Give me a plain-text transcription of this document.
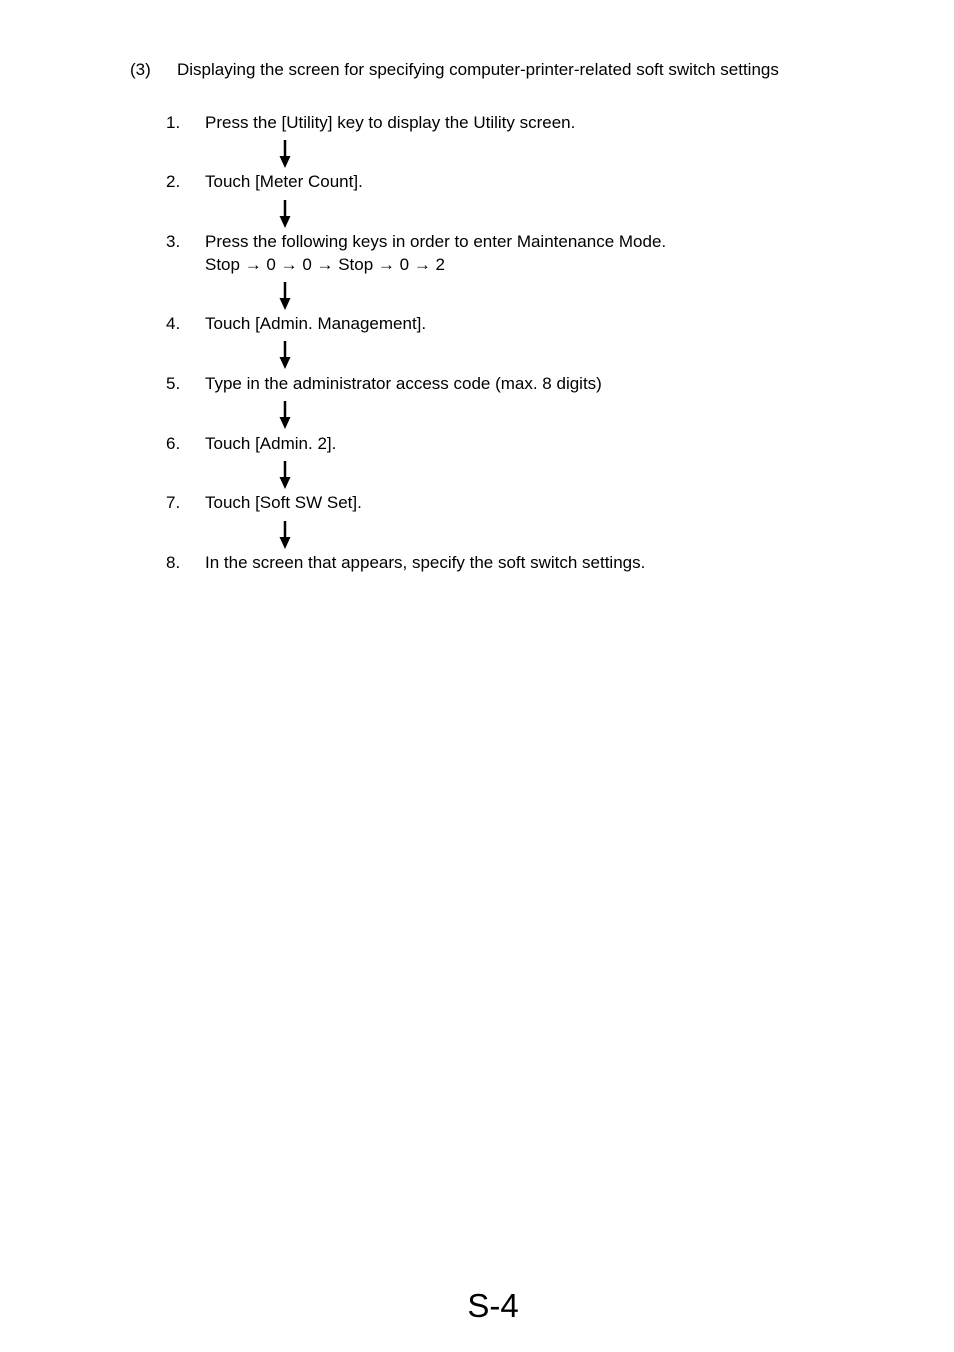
(3) Displaying the screen for specifying computer-printer-related soft switch settings
1. Press the [Utility] key to display the Utility screen.
2. Touch [Meter Count].
3. Press the following keys in order to enter Maintenance Mode.
Stop → 0 → 0 → Stop → 0 → 2
4. Touch [Admin. Management].
5. Type in the administrator access code (max. 8 digits)
6. Touch [Admin. 2].
7. Touch [Soft SW Set].
8. In the screen that appears, specify the soft switch settings.
S-4
